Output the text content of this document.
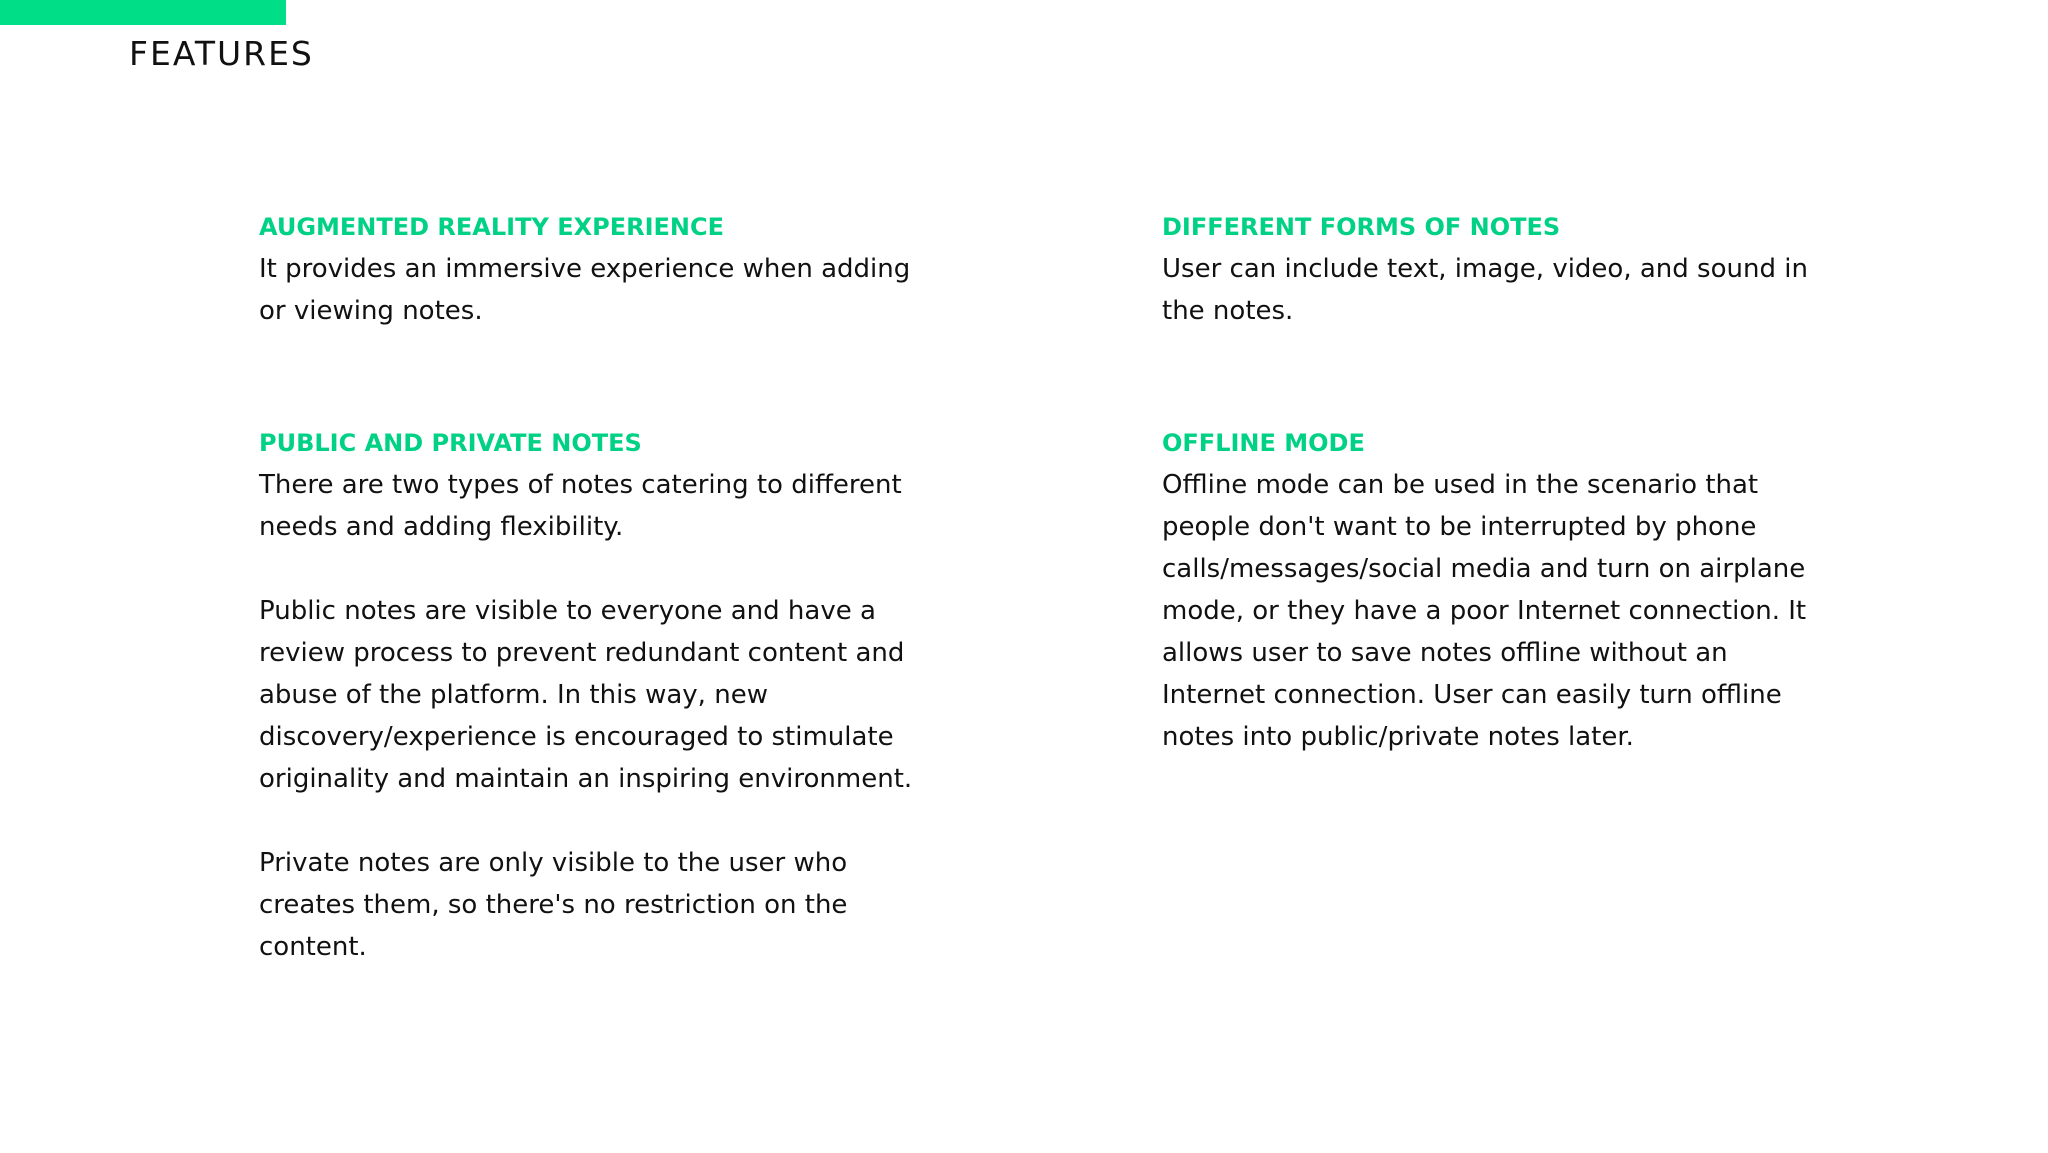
FEATURES
AUGMENTED REALITY EXPERIENCE

It provides an immersive experience when adding or viewing notes.

DIFFERENT FORMS OF NOTES

User can include text, image, video, and sound in the notes.

PUBLIC AND PRIVATE NOTES

There are two types of notes catering to different needs and adding flexibility.

Public notes are visible to everyone and have a review process to prevent redundant content and abuse of the platform. In this way, new discovery/experience is encouraged to stimulate originality and maintain an inspiring environment.

Private notes are only visible to the user who creates them, so there's no restriction on the content.

OFFLINE MODE

Offline mode can be used in the scenario that people don't want to be interrupted by phone calls/messages/social media and turn on airplane mode, or they have a poor Internet connection. It allows user to save notes offline without an Internet connection. User can easily turn offline notes into public/private notes later.
